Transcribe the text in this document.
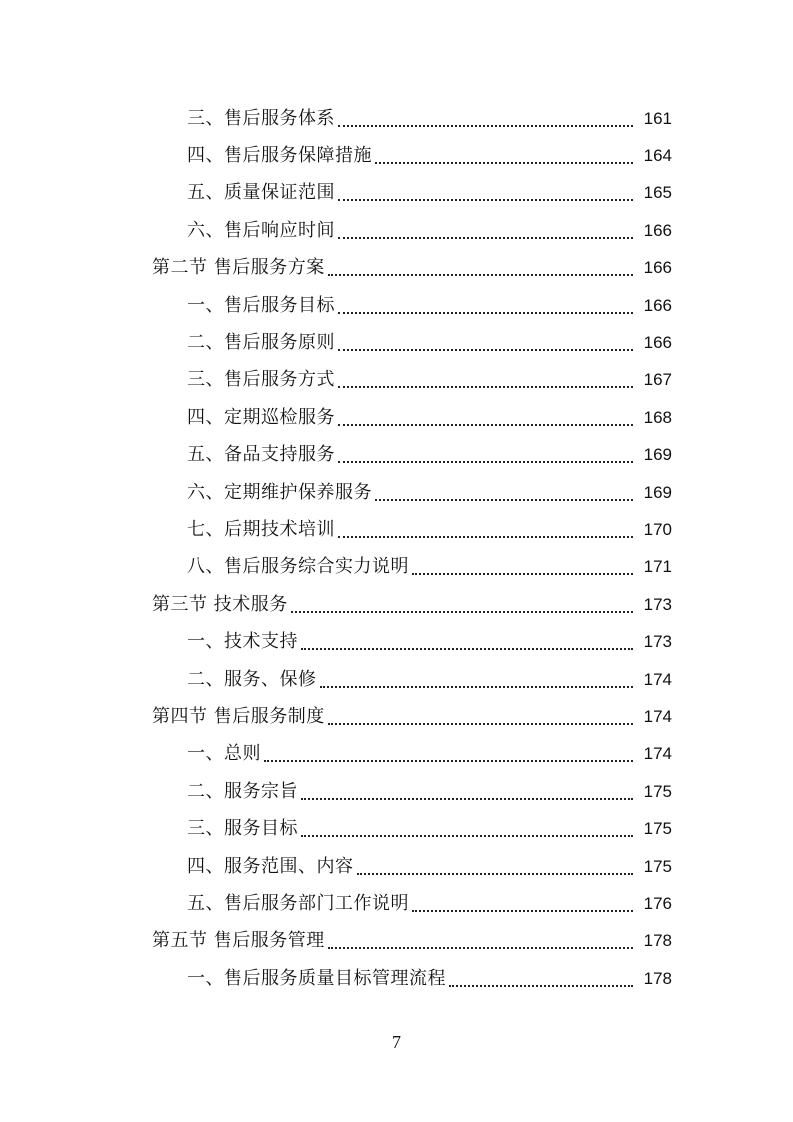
三、售后服务体系	161
四、售后服务保障措施	164
五、质量保证范围	165
六、售后响应时间	166
第二节 售后服务方案	166
一、售后服务目标	166
二、售后服务原则	166
三、售后服务方式	167
四、定期巡检服务	168
五、备品支持服务	169
六、定期维护保养服务	169
七、后期技术培训	170
八、售后服务综合实力说明	171
第三节 技术服务	173
一、技术支持	173
二、服务、保修	174
第四节 售后服务制度	174
一、总则	174
二、服务宗旨	175
三、服务目标	175
四、服务范围、内容	175
五、售后服务部门工作说明	176
第五节 售后服务管理	178
一、售后服务质量目标管理流程	178
7
